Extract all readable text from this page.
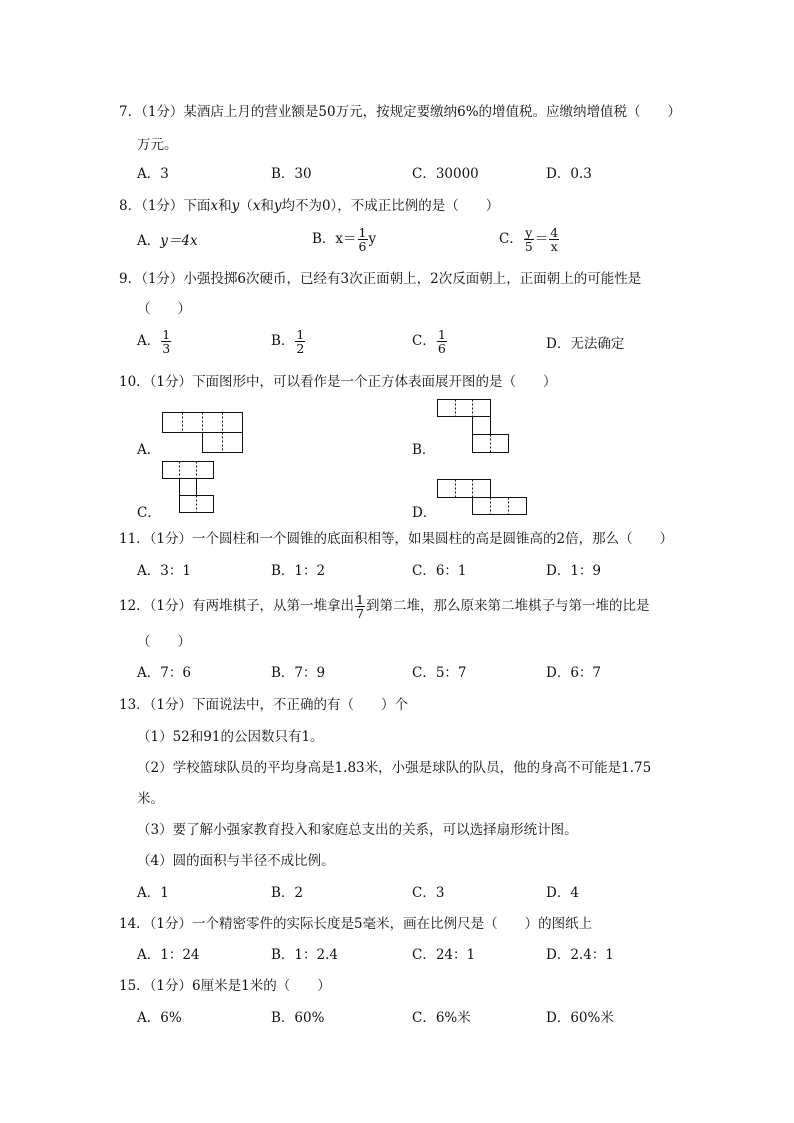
7．（1分）某酒店上月的营业额是50万元，按规定要缴纳6%的增值税。应缴纳增值税（　　）
万元。
A．3	B．30	C．30000	D．0.3
8．（1分）下面x和y（x和y均不为0），不成正比例的是（　　）
A．y＝4x	B．$x= \frac{1}{6}$ y	C． $\frac{y}{5} = \frac{4}{x}$
9．（1分）小强投掷6次硬币，已经有3次正面朝上，2次反面朝上，正面朝上的可能性是
（　　）
A． $\frac{1}{3}$	B． $\frac{1}{2}$	C． $\frac{1}{6}$	D．无法确定
10．（1分）下面图形中，可以看作是一个正方体表面展开图的是（　　）
A．	B．
C．	D．
11．（1分）一个圆柱和一个圆锥的底面积相等，如果圆柱的高是圆锥高的2倍，那么（　　）
A．3：1	B．1：2	C．6：1	D．1：9
12．（1分）有两堆棋子，从第一堆拿出 $\frac{1}{7}$ 到第二堆，那么原来第二堆棋子与第一堆的比是
（　　）
A．7：6	B．7：9	C．5：7	D．6：7
13．（1分）下面说法中，不正确的有（　　）个
（1）52和91的公因数只有1。
（2）学校篮球队员的平均身高是1.83米，小强是球队的队员，他的身高不可能是1.75
米。
（3）要了解小强家教育投入和家庭总支出的关系，可以选择扇形统计图。
（4）圆的面积与半径不成比例。
A．1	B．2	C．3	D．4
14．（1分）一个精密零件的实际长度是5毫米，画在比例尺是（　　）的图纸上
A．1：24	B．1：2.4	C．24：1	D．2.4：1
15．（1分）6厘米是1米的（　　）
A．6%	B．60%	C．6%米	D．60%米
